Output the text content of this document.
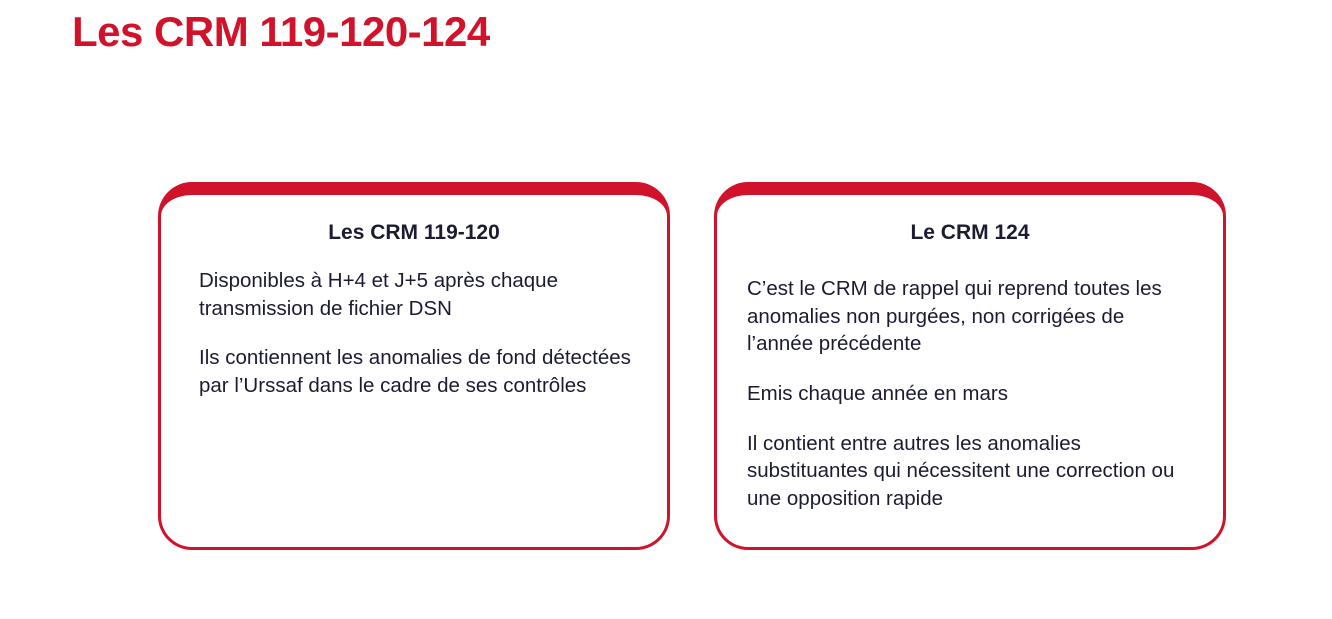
Les CRM 119-120-124
Les CRM 119-120

Disponibles à H+4 et J+5 après chaque transmission de fichier DSN

Ils contiennent les anomalies de fond détectées par l’Urssaf dans le cadre de ses contrôles

Le CRM 124

C’est le CRM de rappel qui reprend toutes les anomalies non purgées, non corrigées de l’année précédente

Emis chaque année en mars

Il contient entre autres les anomalies substituantes qui nécessitent une correction ou une opposition rapide
